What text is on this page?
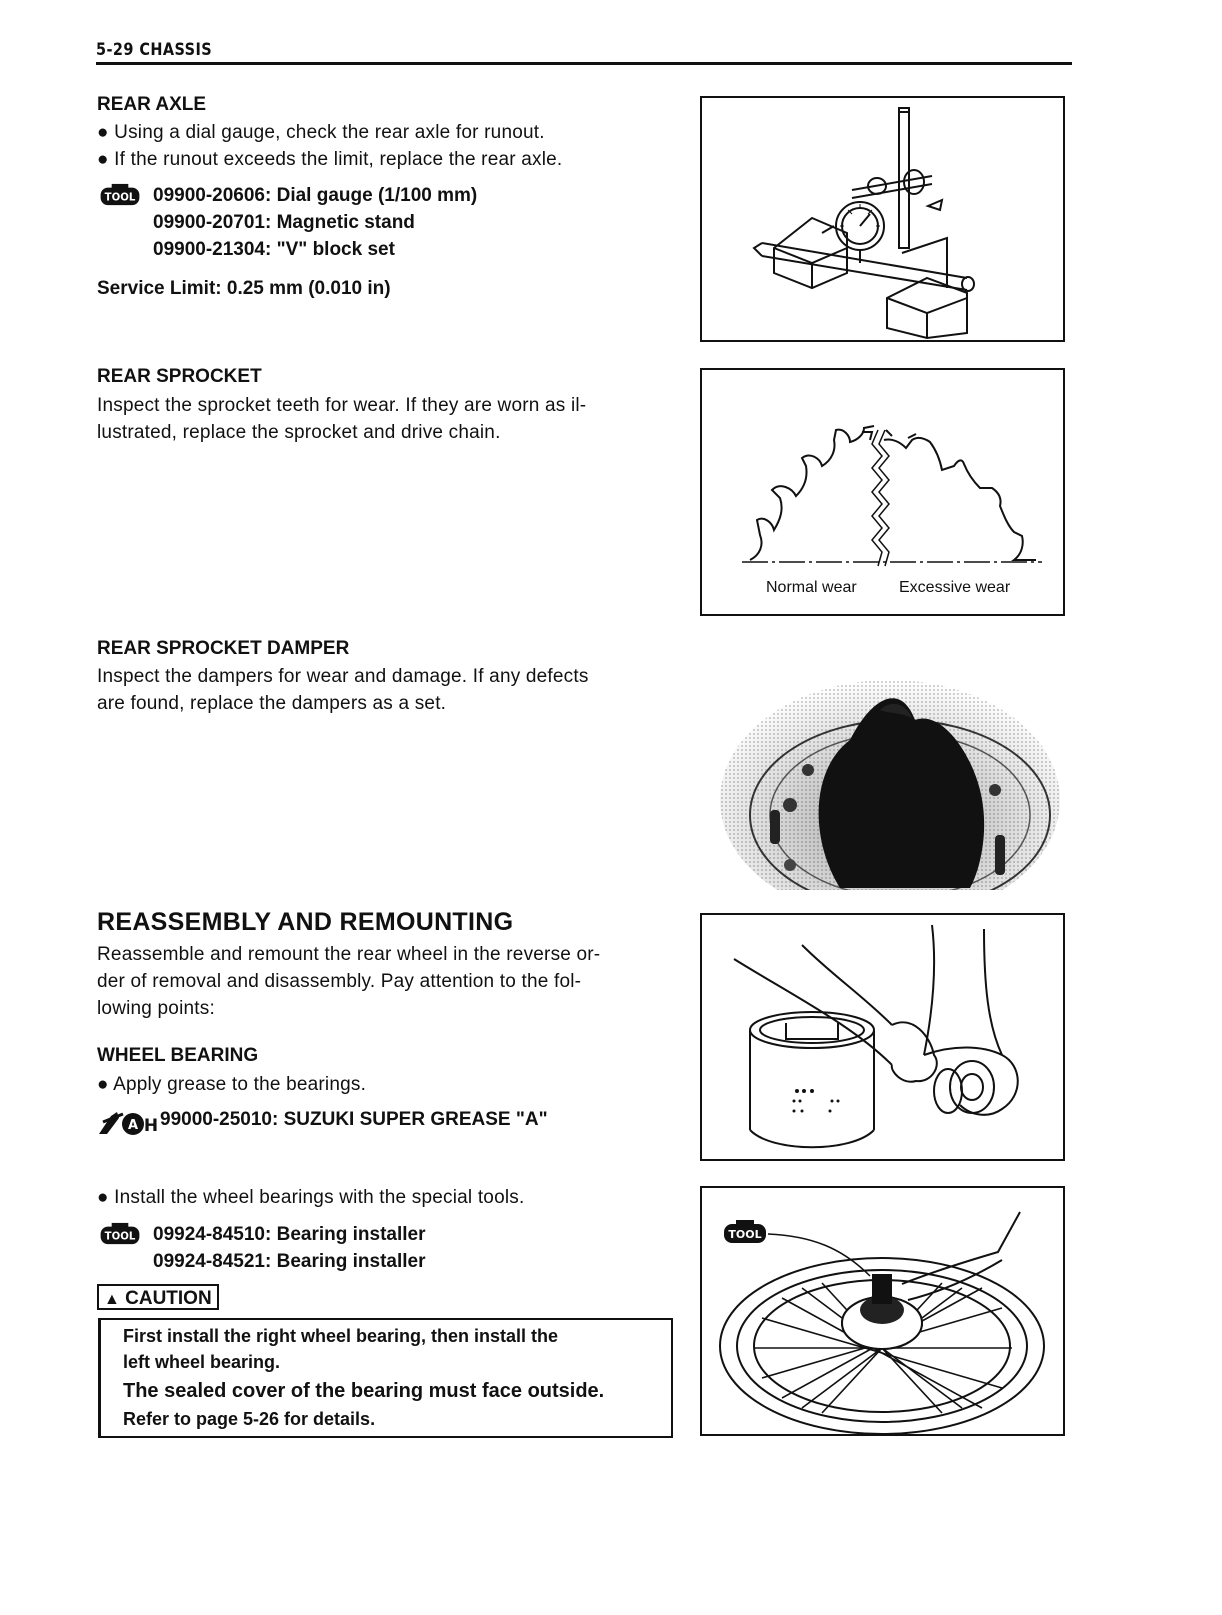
5-29 CHASSIS
REAR AXLE
● Using a dial gauge, check the rear axle for runout.
● If the runout exceeds the limit, replace the rear axle.
TOOL 09900-20606: Dial gauge (1/100 mm)
09900-20701: Magnetic stand
09900-21304: "V" block set
Service Limit: 0.25 mm (0.010 in)
REAR SPROCKET
Inspect the sprocket teeth for wear. If they are worn as il-
lustrated, replace the sprocket and drive chain.
Normal wear	Excessive wear
REAR SPROCKET DAMPER
Inspect the dampers for wear and damage. If any defects
are found, replace the dampers as a set.
REASSEMBLY AND REMOUNTING
Reassemble and remount the rear wheel in the reverse or-
der of removal and disassembly. Pay attention to the fol-
lowing points:
WHEEL BEARING
● Apply grease to the bearings.
A H 99000-25010: SUZUKI SUPER GREASE "A"
● Install the wheel bearings with the special tools.
TOOL 09924-84510: Bearing installer
09924-84521: Bearing installer
▲ CAUTION
First install the right wheel bearing, then install the
left wheel bearing.
The sealed cover of the bearing must face outside.
Refer to page 5-26 for details.
TOOL
